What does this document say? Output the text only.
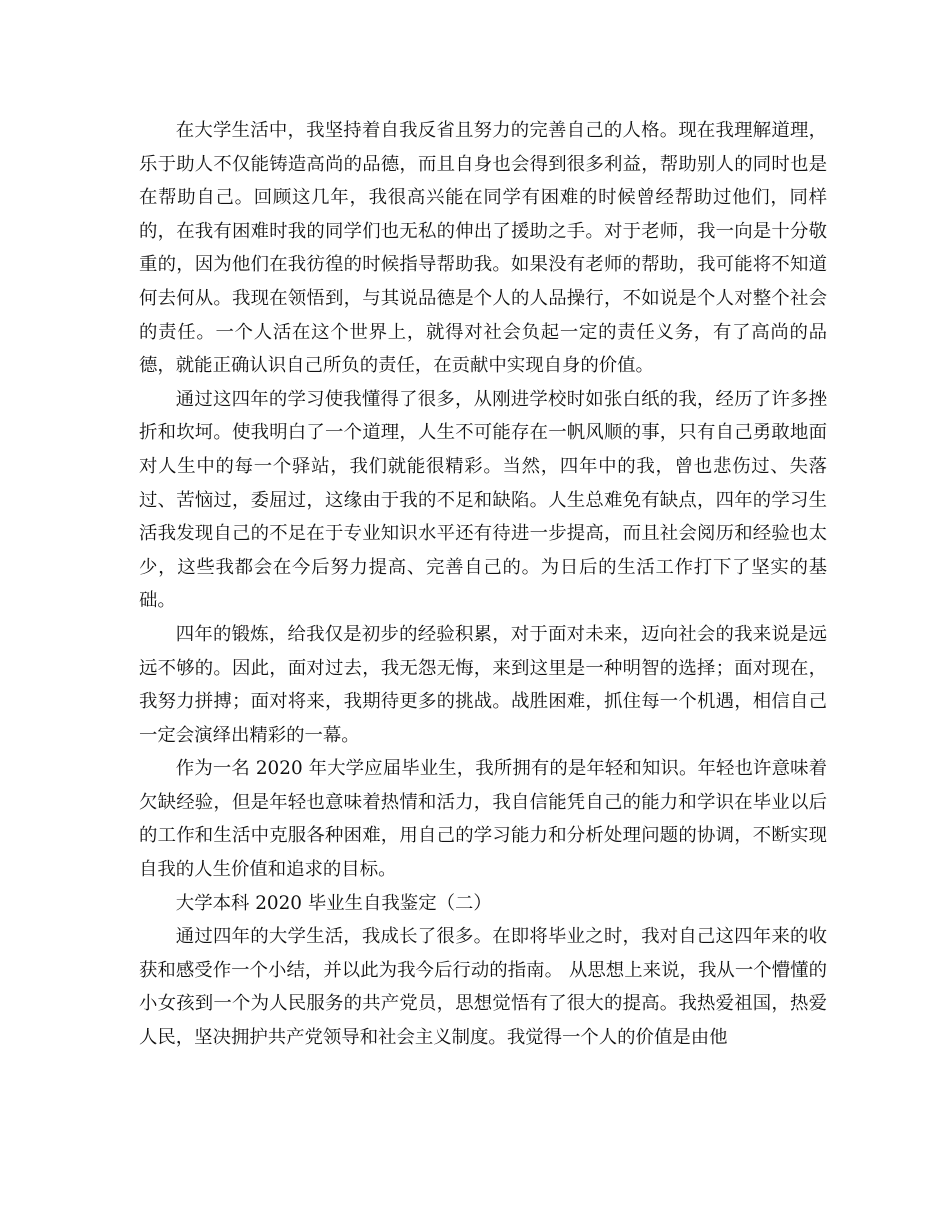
在大学生活中，我坚持着自我反省且努力的完善自己的人格。现在我理解道理，乐于助人不仅能铸造高尚的品德，而且自身也会得到很多利益，帮助别人的同时也是在帮助自己。回顾这几年，我很高兴能在同学有困难的时候曾经帮助过他们，同样的，在我有困难时我的同学们也无私的伸出了援助之手。对于老师，我一向是十分敬重的，因为他们在我彷徨的时候指导帮助我。如果没有老师的帮助，我可能将不知道何去何从。我现在领悟到，与其说品德是个人的人品操行，不如说是个人对整个社会的责任。一个人活在这个世界上，就得对社会负起一定的责任义务，有了高尚的品德，就能正确认识自己所负的责任，在贡献中实现自身的价值。

通过这四年的学习使我懂得了很多，从刚进学校时如张白纸的我，经历了许多挫折和坎坷。使我明白了一个道理，人生不可能存在一帆风顺的事，只有自己勇敢地面对人生中的每一个驿站，我们就能很精彩。当然，四年中的我，曾也悲伤过、失落过、苦恼过，委屈过，这缘由于我的不足和缺陷。人生总难免有缺点，四年的学习生活我发现自己的不足在于专业知识水平还有待进一步提高，而且社会阅历和经验也太少，这些我都会在今后努力提高、完善自己的。为日后的生活工作打下了坚实的基础。

四年的锻炼，给我仅是初步的经验积累，对于面对未来，迈向社会的我来说是远远不够的。因此，面对过去，我无怨无悔，来到这里是一种明智的选择；面对现在，我努力拼搏；面对将来，我期待更多的挑战。战胜困难，抓住每一个机遇，相信自己一定会演绎出精彩的一幕。

作为一名 2020 年大学应届毕业生，我所拥有的是年轻和知识。年轻也许意味着欠缺经验，但是年轻也意味着热情和活力，我自信能凭自己的能力和学识在毕业以后的工作和生活中克服各种困难，用自己的学习能力和分析处理问题的协调，不断实现自我的人生价值和追求的目标。

大学本科 2020 毕业生自我鉴定（二）

通过四年的大学生活，我成长了很多。在即将毕业之时，我对自己这四年来的收获和感受作一个小结，并以此为我今后行动的指南。 从思想上来说，我从一个懵懂的小女孩到一个为人民服务的共产党员，思想觉悟有了很大的提高。我热爱祖国，热爱人民，坚决拥护共产党领导和社会主义制度。我觉得一个人的价值是由他
